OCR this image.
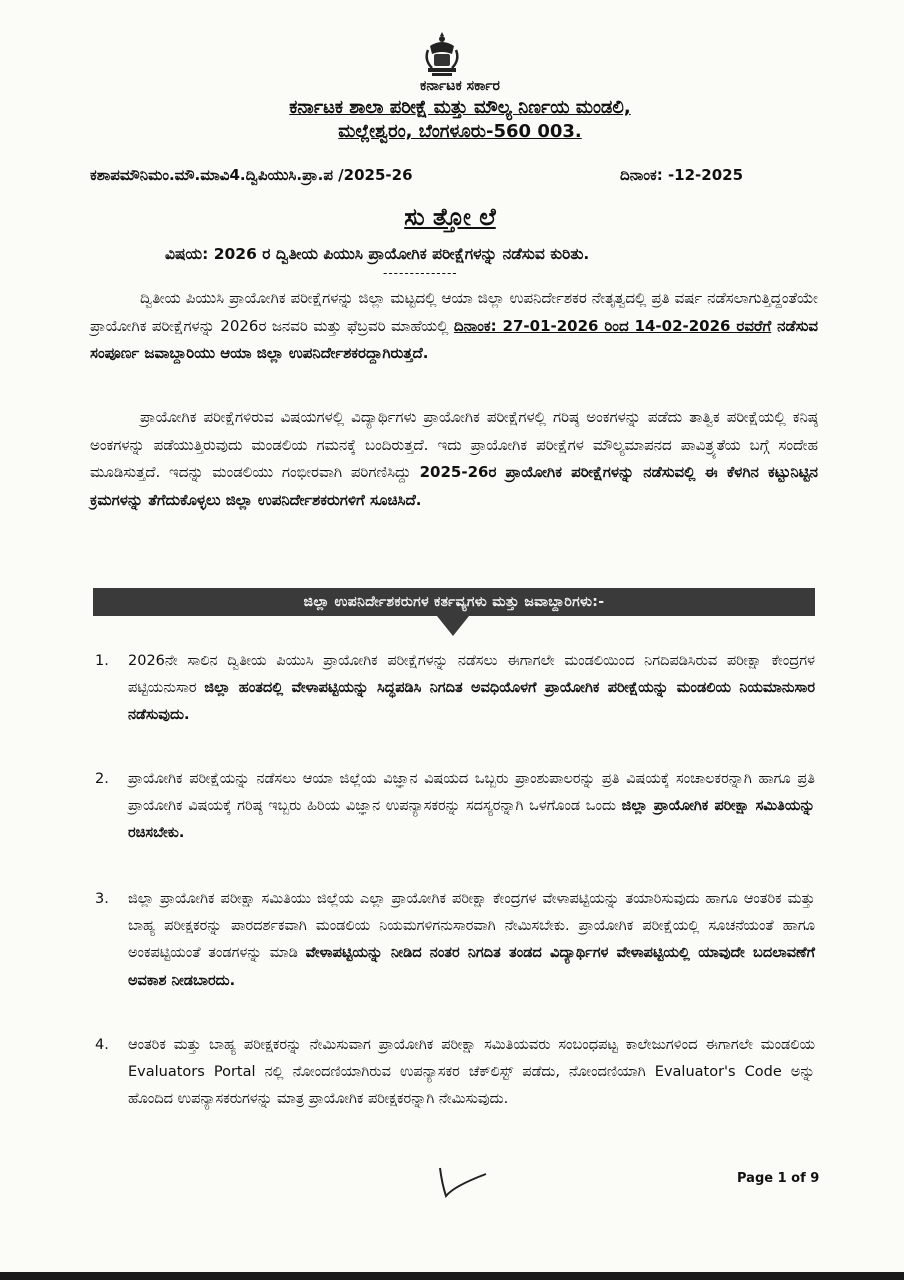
ಕರ್ನಾಟಕ ಸರ್ಕಾರ
ಕರ್ನಾಟಕ ಶಾಲಾ ಪರೀಕ್ಷೆ ಮತ್ತು ಮೌಲ್ಯ ನಿರ್ಣಯ ಮಂಡಲಿ,
ಮಲ್ಲೇಶ್ವರಂ, ಬೆಂಗಳೂರು-560 003.
ಕಶಾಪಮೌನಿಮಂ.ಮೌ.ಮಾವಿ4.ದ್ವಿಪಿಯುಸಿ.ಪ್ರಾ.ಪ /2025-26	ದಿನಾಂಕ: -12-2025
ಸು ತ್ತೋ ಲೆ
ವಿಷಯ: 2026 ರ ದ್ವಿತೀಯ ಪಿಯುಸಿ ಪ್ರಾಯೋಗಿಕ ಪರೀಕ್ಷೆಗಳನ್ನು ನಡೆಸುವ ಕುರಿತು.
--------------
ದ್ವಿತೀಯ ಪಿಯುಸಿ ಪ್ರಾಯೋಗಿಕ ಪರೀಕ್ಷೆಗಳನ್ನು ಜಿಲ್ಲಾ ಮಟ್ಟದಲ್ಲಿ ಆಯಾ ಜಿಲ್ಲಾ ಉಪನಿರ್ದೇಶಕರ ನೇತೃತ್ವದಲ್ಲಿ ಪ್ರತಿ ವರ್ಷ ನಡೆಸಲಾಗುತ್ತಿದ್ದಂತೆಯೇ ಪ್ರಾಯೋಗಿಕ ಪರೀಕ್ಷೆಗಳನ್ನು 2026ರ ಜನವರಿ ಮತ್ತು ಫೆಬ್ರವರಿ ಮಾಹೆಯಲ್ಲಿ ದಿನಾಂಕ: 27-01-2026 ರಿಂದ 14-02-2026 ರವರೆಗೆ ನಡೆಸುವ ಸಂಪೂರ್ಣ ಜವಾಬ್ದಾರಿಯು ಆಯಾ ಜಿಲ್ಲಾ ಉಪನಿರ್ದೇಶಕರದ್ದಾಗಿರುತ್ತದೆ.
ಪ್ರಾಯೋಗಿಕ ಪರೀಕ್ಷೆಗಳಿರುವ ವಿಷಯಗಳಲ್ಲಿ ವಿದ್ಯಾರ್ಥಿಗಳು ಪ್ರಾಯೋಗಿಕ ಪರೀಕ್ಷೆಗಳಲ್ಲಿ ಗರಿಷ್ಠ ಅಂಕಗಳನ್ನು ಪಡೆದು ತಾತ್ವಿಕ ಪರೀಕ್ಷೆಯಲ್ಲಿ ಕನಿಷ್ಠ ಅಂಕಗಳನ್ನು ಪಡೆಯುತ್ತಿರುವುದು ಮಂಡಲಿಯ ಗಮನಕ್ಕೆ ಬಂದಿರುತ್ತದೆ. ಇದು ಪ್ರಾಯೋಗಿಕ ಪರೀಕ್ಷೆಗಳ ಮೌಲ್ಯಮಾಪನದ ಪಾವಿತ್ರ್ಯತೆಯ ಬಗ್ಗೆ ಸಂದೇಹ ಮೂಡಿಸುತ್ತದೆ. ಇದನ್ನು ಮಂಡಲಿಯು ಗಂಭೀರವಾಗಿ ಪರಿಗಣಿಸಿದ್ದು 2025-26ರ ಪ್ರಾಯೋಗಿಕ ಪರೀಕ್ಷೆಗಳನ್ನು ನಡೆಸುವಲ್ಲಿ ಈ ಕೆಳಗಿನ ಕಟ್ಟುನಿಟ್ಟಿನ ಕ್ರಮಗಳನ್ನು ತೆಗೆದುಕೊಳ್ಳಲು ಜಿಲ್ಲಾ ಉಪನಿರ್ದೇಶಕರುಗಳಿಗೆ ಸೂಚಿಸಿದೆ.
ಜಿಲ್ಲಾ ಉಪನಿರ್ದೇಶಕರುಗಳ ಕರ್ತವ್ಯಗಳು ಮತ್ತು ಜವಾಬ್ದಾರಿಗಳು:-
1.	2026ನೇ ಸಾಲಿನ ದ್ವಿತೀಯ ಪಿಯುಸಿ ಪ್ರಾಯೋಗಿಕ ಪರೀಕ್ಷೆಗಳನ್ನು ನಡೆಸಲು ಈಗಾಗಲೇ ಮಂಡಲಿಯಿಂದ ನಿಗದಿಪಡಿಸಿರುವ ಪರೀಕ್ಷಾ ಕೇಂದ್ರಗಳ ಪಟ್ಟಿಯನುಸಾರ ಜಿಲ್ಲಾ ಹಂತದಲ್ಲಿ ವೇಳಾಪಟ್ಟಿಯನ್ನು ಸಿದ್ಧಪಡಿಸಿ ನಿಗದಿತ ಅವಧಿಯೊಳಗೆ ಪ್ರಾಯೋಗಿಕ ಪರೀಕ್ಷೆಯನ್ನು ಮಂಡಲಿಯ ನಿಯಮಾನುಸಾರ ನಡೆಸುವುದು.
2.	ಪ್ರಾಯೋಗಿಕ ಪರೀಕ್ಷೆಯನ್ನು ನಡೆಸಲು ಆಯಾ ಜಿಲ್ಲೆಯ ವಿಜ್ಞಾನ ವಿಷಯದ ಒಬ್ಬರು ಪ್ರಾಂಶುಪಾಲರನ್ನು ಪ್ರತಿ ವಿಷಯಕ್ಕೆ ಸಂಚಾಲಕರನ್ನಾಗಿ ಹಾಗೂ ಪ್ರತಿ ಪ್ರಾಯೋಗಿಕ ವಿಷಯಕ್ಕೆ ಗರಿಷ್ಠ ಇಬ್ಬರು ಹಿರಿಯ ವಿಜ್ಞಾನ ಉಪನ್ಯಾಸಕರನ್ನು ಸದಸ್ಯರನ್ನಾಗಿ ಒಳಗೊಂಡ ಒಂದು ಜಿಲ್ಲಾ ಪ್ರಾಯೋಗಿಕ ಪರೀಕ್ಷಾ ಸಮಿತಿಯನ್ನು ರಚಿಸಬೇಕು.
3.	ಜಿಲ್ಲಾ ಪ್ರಾಯೋಗಿಕ ಪರೀಕ್ಷಾ ಸಮಿತಿಯು ಜಿಲ್ಲೆಯ ಎಲ್ಲಾ ಪ್ರಾಯೋಗಿಕ ಪರೀಕ್ಷಾ ಕೇಂದ್ರಗಳ ವೇಳಾಪಟ್ಟಿಯನ್ನು ತಯಾರಿಸುವುದು ಹಾಗೂ ಆಂತರಿಕ ಮತ್ತು ಬಾಹ್ಯ ಪರೀಕ್ಷಕರನ್ನು ಪಾರದರ್ಶಕವಾಗಿ ಮಂಡಲಿಯ ನಿಯಮಗಳಿಗನುಸಾರವಾಗಿ ನೇಮಿಸಬೇಕು. ಪ್ರಾಯೋಗಿಕ ಪರೀಕ್ಷೆಯಲ್ಲಿ ಸೂಚನೆಯಂತೆ ಹಾಗೂ ಅಂಕಪಟ್ಟಿಯಂತೆ ತಂಡಗಳನ್ನು ಮಾಡಿ ವೇಳಾಪಟ್ಟಿಯನ್ನು ನೀಡಿದ ನಂತರ ನಿಗದಿತ ತಂಡದ ವಿದ್ಯಾರ್ಥಿಗಳ ವೇಳಾಪಟ್ಟಿಯಲ್ಲಿ ಯಾವುದೇ ಬದಲಾವಣೆಗೆ ಅವಕಾಶ ನೀಡಬಾರದು.
4.	ಆಂತರಿಕ ಮತ್ತು ಬಾಹ್ಯ ಪರೀಕ್ಷಕರನ್ನು ನೇಮಿಸುವಾಗ ಪ್ರಾಯೋಗಿಕ ಪರೀಕ್ಷಾ ಸಮಿತಿಯವರು ಸಂಬಂಧಪಟ್ಟ ಕಾಲೇಜುಗಳಿಂದ ಈಗಾಗಲೇ ಮಂಡಲಿಯ Evaluators Portal ನಲ್ಲಿ ನೋಂದಣಿಯಾಗಿರುವ ಉಪನ್ಯಾಸಕರ ಚೆಕ್‌ಲಿಸ್ಟ್ ಪಡೆದು, ನೋಂದಣಿಯಾಗಿ Evaluator's Code ಅನ್ನು ಹೊಂದಿದ ಉಪನ್ಯಾಸಕರುಗಳನ್ನು ಮಾತ್ರ ಪ್ರಾಯೋಗಿಕ ಪರೀಕ್ಷಕರನ್ನಾಗಿ ನೇಮಿಸುವುದು.
Page 1 of 9
